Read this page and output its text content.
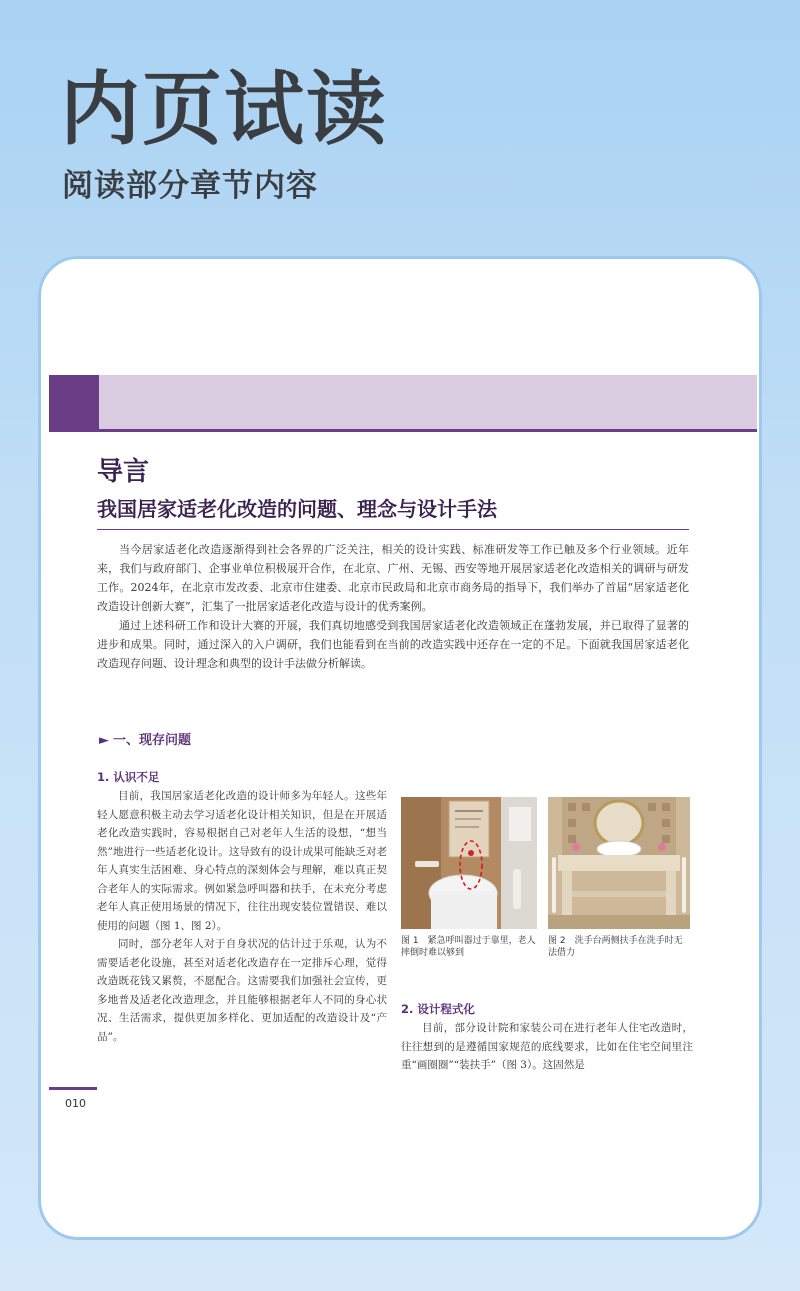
内页试读
阅读部分章节内容
导言
我国居家适老化改造的问题、理念与设计手法

当今居家适老化改造逐渐得到社会各界的广泛关注，相关的设计实践、标准研发等工作已触及多个行业领域。近年来，我们与政府部门、企事业单位积极展开合作，在北京、广州、无锡、西安等地开展居家适老化改造相关的调研与研发工作。2024年，在北京市发改委、北京市住建委、北京市民政局和北京市商务局的指导下，我们举办了首届“居家适老化改造设计创新大赛”，汇集了一批居家适老化改造与设计的优秀案例。

通过上述科研工作和设计大赛的开展，我们真切地感受到我国居家适老化改造领域正在蓬勃发展，并已取得了显著的进步和成果。同时，通过深入的入户调研，我们也能看到在当前的改造实践中还存在一定的不足。下面就我国居家适老化改造现存问题、设计理念和典型的设计手法做分析解读。

► 一、现存问题
1. 认识不足

目前，我国居家适老化改造的设计师多为年轻人。这些年轻人愿意积极主动去学习适老化设计相关知识，但是在开展适老化改造实践时，容易根据自己对老年人生活的设想，“想当然”地进行一些适老化设计。这导致有的设计成果可能缺乏对老年人真实生活困难、身心特点的深刻体会与理解，难以真正契合老年人的实际需求。例如紧急呼叫器和扶手，在未充分考虑老年人真正使用场景的情况下，往往出现安装位置错误、难以使用的问题（图 1、图 2）。

同时，部分老年人对于自身状况的估计过于乐观，认为不需要适老化设施，甚至对适老化改造存在一定排斥心理，觉得改造既花钱又累赘，不愿配合。这需要我们加强社会宣传，更多地普及适老化改造理念，并且能够根据老年人不同的身心状况、生活需求，提供更加多样化、更加适配的改造设计及“产品”。

图 1　紧急呼叫器过于靠里，老人摔倒时难以够到
图 2　洗手台两侧扶手在洗手时无法借力
2. 设计程式化

目前，部分设计院和家装公司在进行老年人住宅改造时，往往想到的是遵循国家规范的底线要求，比如在住宅空间里注重“画圈圈”“装扶手”（图 3）。这固然是

010
